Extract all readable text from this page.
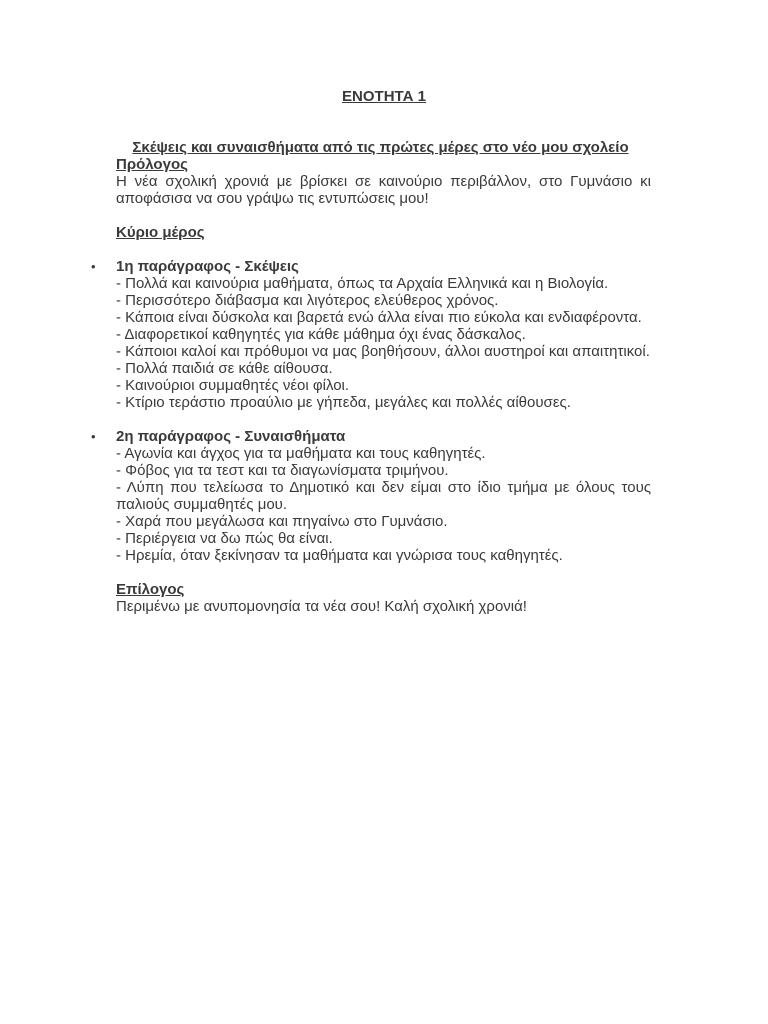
ΕΝΟΤΗΤΑ 1
Σκέψεις και συναισθήματα από τις πρώτες μέρες στο νέο μου σχολείο
Πρόλογος

Η νέα σχολική χρονιά με βρίσκει σε καινούριο περιβάλλον, στο Γυμνάσιο κι αποφάσισα να σου γράψω τις εντυπώσεις μου!

Κύριο μέρος
• 1η παράγραφος - Σκέψεις
- Πολλά και καινούρια μαθήματα, όπως τα Αρχαία Ελληνικά και η Βιολογία.
- Περισσότερο διάβασμα και λιγότερος ελεύθερος χρόνος.
- Κάποια είναι δύσκολα και βαρετά ενώ άλλα είναι πιο εύκολα και ενδιαφέροντα.
- Διαφορετικοί καθηγητές για κάθε μάθημα όχι ένας δάσκαλος.
- Κάποιοι καλοί και πρόθυμοι να μας βοηθήσουν, άλλοι αυστηροί και απαιτητικοί.
- Πολλά παιδιά σε κάθε αίθουσα.
- Καινούριοι συμμαθητές νέοι φίλοι.
- Κτίριο τεράστιο προαύλιο με γήπεδα, μεγάλες και πολλές αίθουσες.
• 2η παράγραφος - Συναισθήματα
- Αγωνία και άγχος για τα μαθήματα και τους καθηγητές.
- Φόβος για τα τεστ και τα διαγωνίσματα τριμήνου.
- Λύπη που τελείωσα το Δημοτικό και δεν είμαι στο ίδιο τμήμα με όλους τους παλιούς συμμαθητές μου.
- Χαρά που μεγάλωσα και πηγαίνω στο Γυμνάσιο.
- Περιέργεια να δω πώς θα είναι.
- Ηρεμία, όταν ξεκίνησαν τα μαθήματα και γνώρισα τους καθηγητές.
Επίλογος

Περιμένω με ανυπομονησία τα νέα σου! Καλή σχολική χρονιά!
